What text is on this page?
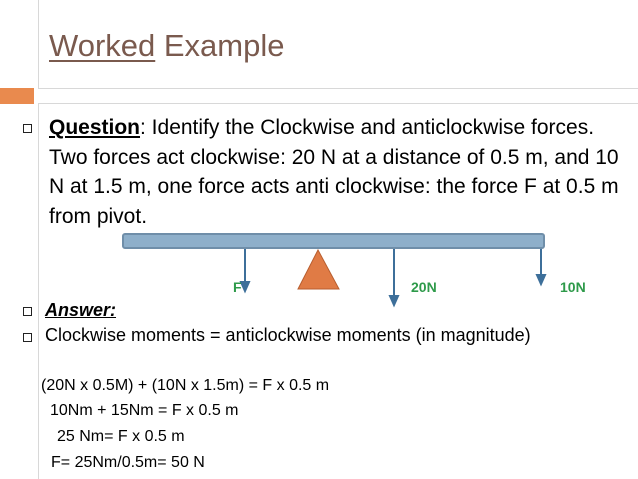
Worked Example
Question: Identify the Clockwise and anticlockwise forces. Two forces act clockwise: 20 N at a distance of 0.5 m, and 10 N at 1.5 m, one force acts anti clockwise: the force F at 0.5 m from pivot.
F	20N	10N
Answer:
Clockwise moments = anticlockwise moments (in magnitude)
(20N x 0.5M) + (10N x 1.5m) = F x 0.5 m
10Nm + 15Nm = F x 0.5 m
25 Nm= F x 0.5 m
F= 25Nm/0.5m= 50 N
